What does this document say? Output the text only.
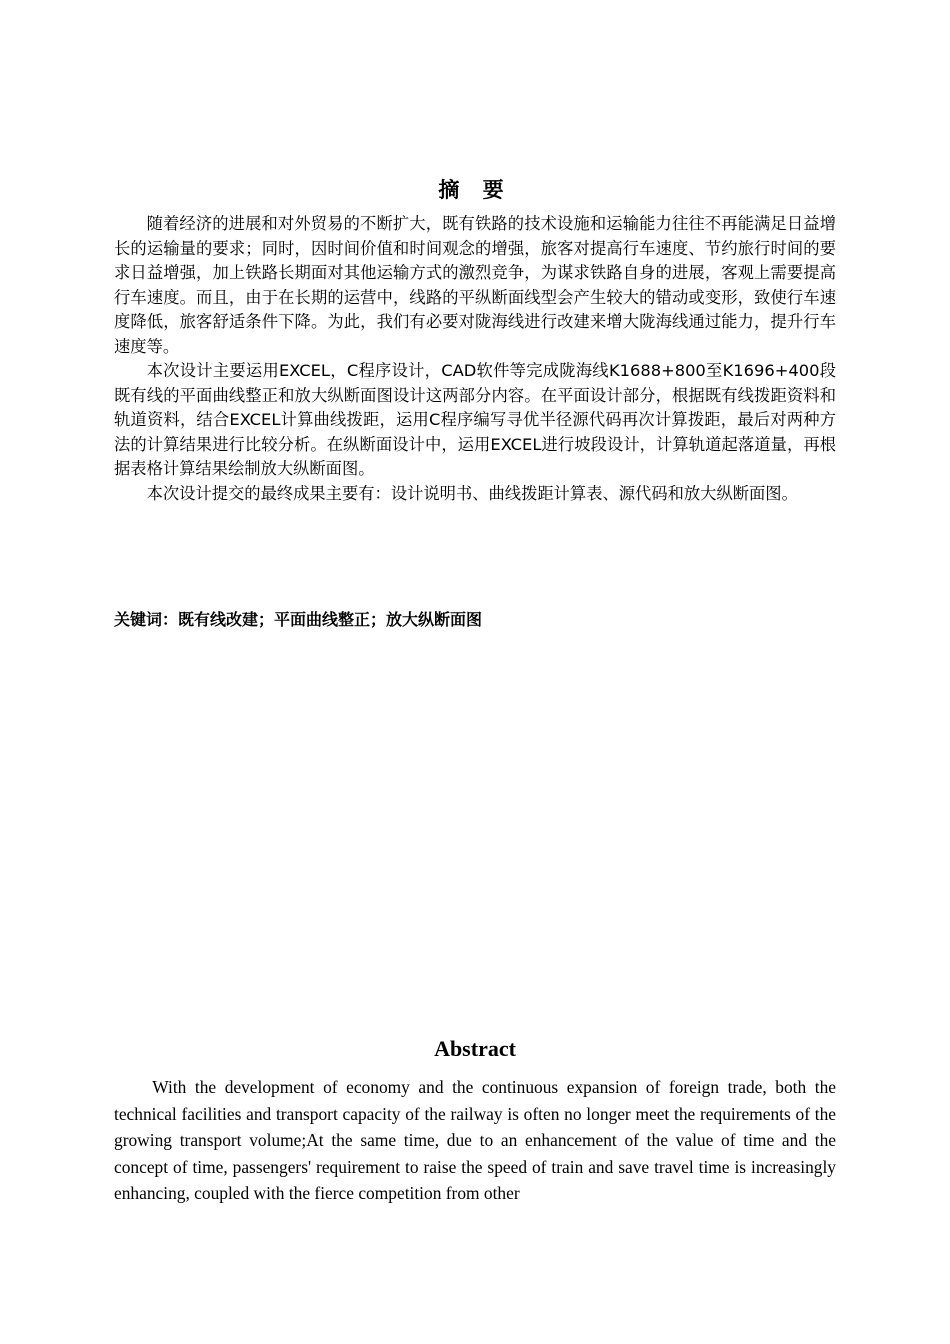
摘 要

随着经济的进展和对外贸易的不断扩大，既有铁路的技术设施和运输能力往往不再能满足日益增长的运输量的要求；同时，因时间价值和时间观念的增强，旅客对提高行车速度、节约旅行时间的要求日益增强，加上铁路长期面对其他运输方式的激烈竞争，为谋求铁路自身的进展，客观上需要提高行车速度。而且，由于在长期的运营中，线路的平纵断面线型会产生较大的错动或变形，致使行车速度降低，旅客舒适条件下降。为此，我们有必要对陇海线进行改建来增大陇海线通过能力，提升行车速度等。

本次设计主要运用EXCEL，C程序设计，CAD软件等完成陇海线K1688+800至K1696+400段既有线的平面曲线整正和放大纵断面图设计这两部分内容。在平面设计部分，根据既有线拨距资料和轨道资料，结合EXCEL计算曲线拨距，运用C程序编写寻优半径源代码再次计算拨距，最后对两种方法的计算结果进行比较分析。在纵断面设计中，运用EXCEL进行坡段设计，计算轨道起落道量，再根据表格计算结果绘制放大纵断面图。

本次设计提交的最终成果主要有：设计说明书、曲线拨距计算表、源代码和放大纵断面图。

关键词：既有线改建；平面曲线整正；放大纵断面图

Abstract

With the development of economy and the continuous expansion of foreign trade, both the technical facilities and transport capacity of the railway is often no longer meet the requirements of the growing transport volume;At the same time, due to an enhancement of the value of time and the concept of time, passengers' requirement to raise the speed of train and save travel time is increasingly enhancing, coupled with the fierce competition from other
